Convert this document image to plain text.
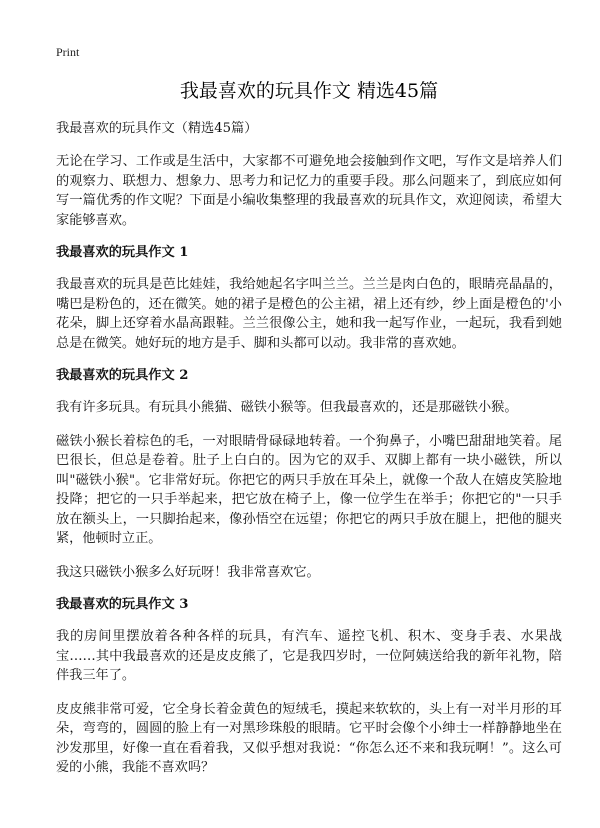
Print
我最喜欢的玩具作文 精选45篇

我最喜欢的玩具作文（精选45篇）

无论在学习、工作或是生活中，大家都不可避免地会接触到作文吧，写作文是培养人们的观察力、联想力、想象力、思考力和记忆力的重要手段。那么问题来了，到底应如何写一篇优秀的作文呢？下面是小编收集整理的我最喜欢的玩具作文，欢迎阅读，希望大家能够喜欢。

我最喜欢的玩具作文 1

我最喜欢的玩具是芭比娃娃，我给她起名字叫兰兰。兰兰是肉白色的，眼睛亮晶晶的，嘴巴是粉色的，还在微笑。她的裙子是橙色的公主裙，裙上还有纱，纱上面是橙色的'小花朵，脚上还穿着水晶高跟鞋。兰兰很像公主，她和我一起写作业，一起玩，我看到她总是在微笑。她好玩的地方是手、脚和头都可以动。我非常的喜欢她。

我最喜欢的玩具作文 2

我有许多玩具。有玩具小熊猫、磁铁小猴等。但我最喜欢的，还是那磁铁小猴。

磁铁小猴长着棕色的毛，一对眼睛骨碌碌地转着。一个狗鼻子，小嘴巴甜甜地笑着。尾巴很长，但总是卷着。肚子上白白的。因为它的双手、双脚上都有一块小磁铁，所以叫"磁铁小猴"。它非常好玩。你把它的两只手放在耳朵上，就像一个敌人在嬉皮笑脸地投降；把它的一只手举起来，把它放在椅子上，像一位学生在举手；你把它的"一只手放在额头上，一只脚抬起来，像孙悟空在远望；你把它的两只手放在腿上，把他的腿夹紧，他顿时立正。

我这只磁铁小猴多么好玩呀！我非常喜欢它。

我最喜欢的玩具作文 3

我的房间里摆放着各种各样的玩具，有汽车、遥控飞机、积木、变身手表、水果战宝……其中我最喜欢的还是皮皮熊了，它是我四岁时，一位阿姨送给我的新年礼物，陪伴我三年了。

皮皮熊非常可爱，它全身长着金黄色的短绒毛，摸起来软软的，头上有一对半月形的耳朵，弯弯的，圆圆的脸上有一对黑珍珠般的眼睛。它平时会像个小绅士一样静静地坐在沙发那里，好像一直在看着我，又似乎想对我说：“你怎么还不来和我玩啊！”。这么可爱的小熊，我能不喜欢吗？
